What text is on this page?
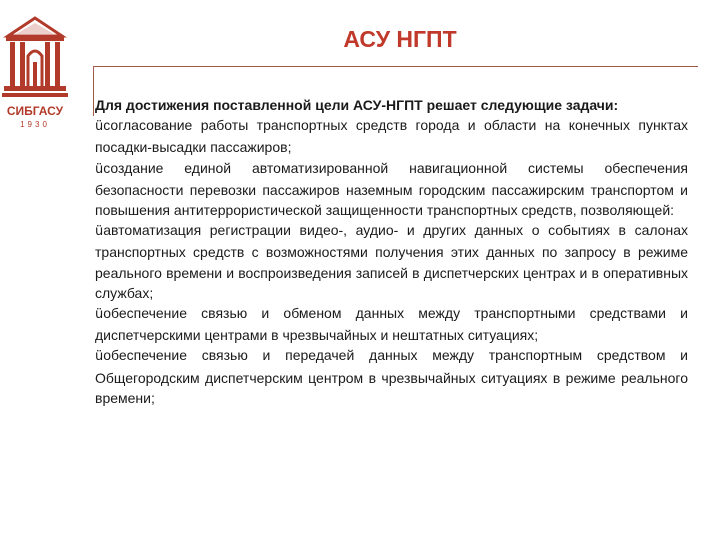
СИБГАСУ
1930
АСУ НГПТ

Для достижения поставленной цели АСУ-НГПТ решает следующие задачи:

üсогласование работы транспортных средств города и области на конечных пунктах посадки-высадки пассажиров;

üсоздание единой автоматизированной навигационной системы обеспечения безопасности перевозки пассажиров наземным городским пассажирским транспортом и повышения антитеррористической защищенности транспортных средств, позволяющей:

üавтоматизация регистрации видео-, аудио- и других данных о событиях в салонах транспортных средств с возможностями получения этих данных по запросу в режиме реального времени и воспроизведения записей в диспетчерских центрах и в оперативных службах;

üобеспечение связью и обменом данных между транспортными средствами и диспетчерскими центрами в чрезвычайных и нештатных ситуациях;

üобеспечение связью и передачей данных между транспортным средством и Общегородским диспетчерским центром в чрезвычайных ситуациях в режиме реального времени;
